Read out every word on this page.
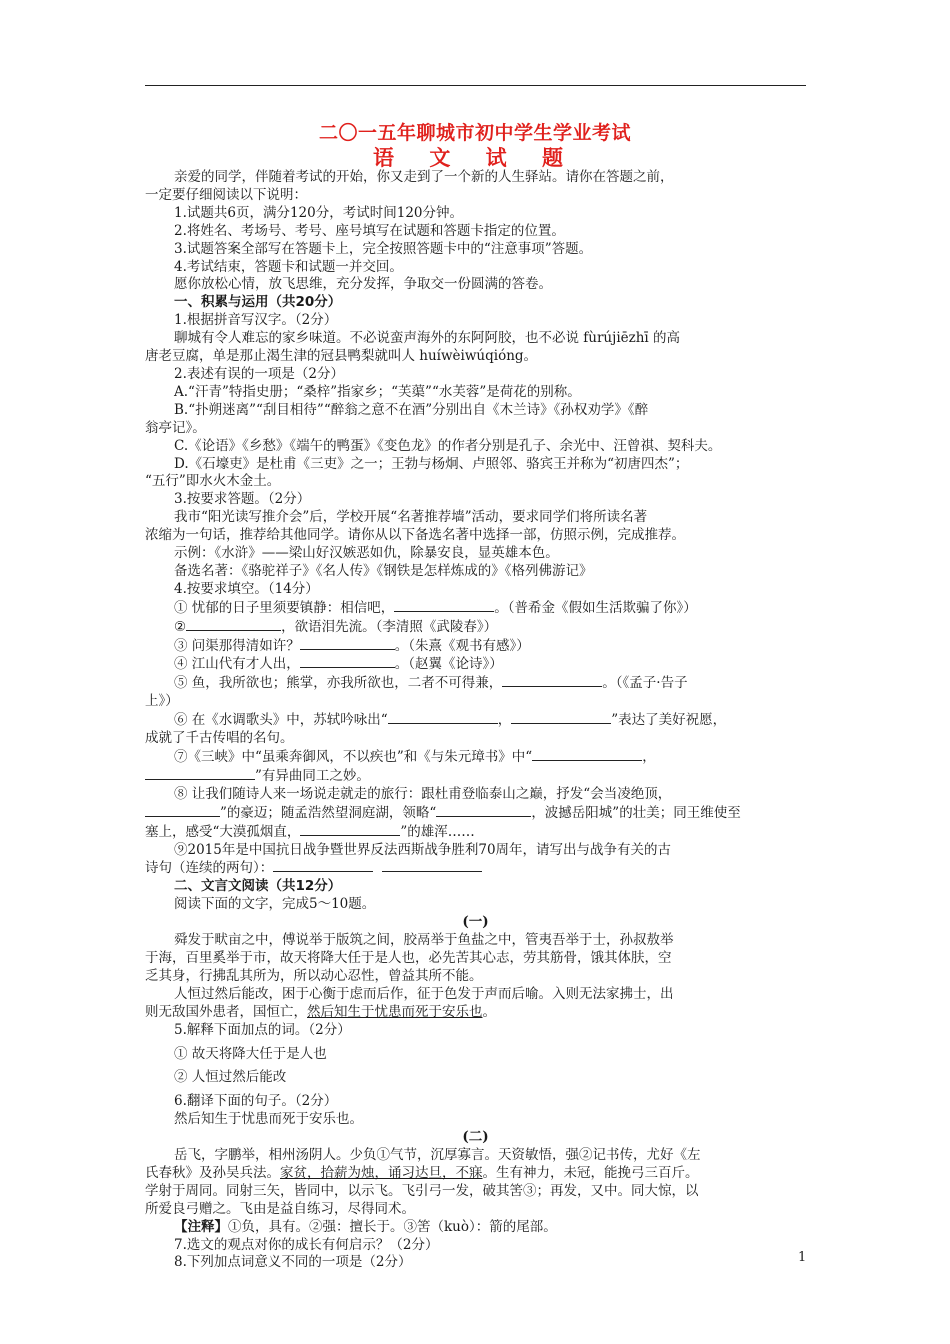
二〇一五年聊城市初中学生学业考试
语 文 试 题

亲爱的同学，伴随着考试的开始，你又走到了一个新的人生驿站。请你在答题之前，

一定要仔细阅读以下说明：

1.试题共6页，满分120分，考试时间120分钟。

2.将姓名、考场号、考号、座号填写在试题和答题卡指定的位置。

3.试题答案全部写在答题卡上，完全按照答题卡中的“注意事项”答题。

4.考试结束，答题卡和试题一并交回。

愿你放松心情，放飞思维，充分发挥，争取交一份圆满的答卷。

一、积累与运用（共20分）

1.根据拼音写汉字。（2分）

聊城有令人难忘的家乡味道。不必说蛮声海外的东阿阿胶，也不必说 fùrújiēzhī 的高

唐老豆腐，单是那止渴生津的冠县鸭梨就叫人 huíwèiwúqióng。

2.表述有误的一项是（2分）

A.“汗青”特指史册；“桑梓”指家乡；“芙蕖”“水芙蓉”是荷花的别称。

B.“扑朔迷离”“刮目相待”“醉翁之意不在酒”分别出自《木兰诗》《孙权劝学》《醉

翁亭记》。

C.《论语》《乡愁》《端午的鸭蛋》《变色龙》的作者分别是孔子、余光中、汪曾祺、契科夫。

D.《石壕吏》是杜甫《三吏》之一；王勃与杨炯、卢照邻、骆宾王并称为“初唐四杰”；

“五行”即水火木金土。

3.按要求答题。（2分）

我市“阳光读写推介会”后，学校开展“名著推荐墙”活动，要求同学们将所读名著

浓缩为一句话，推荐给其他同学。请你从以下备选名著中选择一部，仿照示例，完成推荐。

示例：《水浒》——梁山好汉嫉恶如仇，除暴安良，显英雄本色。

备选名著：《骆驼祥子》《名人传》《钢铁是怎样炼成的》《格列佛游记》

4.按要求填空。（14分）

① 忧郁的日子里须要镇静：相信吧，	。（普希金《假如生活欺骗了你》）

②	，欲语泪先流。（李清照《武陵春》）

③ 问渠那得清如许？	。（朱熹《观书有感》）

④ 江山代有才人出，	。（赵翼《论诗》）

⑤ 鱼，我所欲也；熊掌，亦我所欲也，二者不可得兼，	。（《孟子·告子

上》）

⑥ 在《水调歌头》中，苏轼吟咏出“	，	”表达了美好祝愿，

成就了千古传唱的名句。

⑦《三峡》中“虽乘奔御风，不以疾也”和《与朱元璋书》中“	，

”有异曲同工之妙。

⑧ 让我们随诗人来一场说走就走的旅行：跟杜甫登临泰山之巅，抒发“会当凌绝顶，

”的豪迈；随孟浩然望洞庭湖，领略“	，波撼岳阳城”的壮美；同王维使至

塞上，感受“大漠孤烟直，	”的雄浑……

⑨2015年是中国抗日战争暨世界反法西斯战争胜利70周年，请写出与战争有关的古

诗句（连续的两句）：

二、文言文阅读（共12分）

阅读下面的文字，完成5～10题。

(一)

舜发于畎亩之中，傅说举于版筑之间，胶鬲举于鱼盐之中，管夷吾举于士，孙叔敖举

于海，百里奚举于市，故天将降大任于是人也，必先苦其心志，劳其筋骨，饿其体肤，空

乏其身，行拂乱其所为，所以动心忍性，曾益其所不能。

人恒过然后能改，困于心衡于虑而后作，征于色发于声而后喻。入则无法家拂士，出

则无敌国外患者，国恒亡，然后知生于忧患而死于安乐也。

5.解释下面加点的词。（2分）

① 故天将降大任于是人也

② 人恒过然后能改

6.翻译下面的句子。（2分）

然后知生于忧患而死于安乐也。

(二)

岳飞，字鹏举，相州汤阴人。少负①气节，沉厚寡言。天资敏悟，强②记书传，尤好《左

氏春秋》及孙吴兵法。家贫，拾薪为烛，诵习达旦，不寐。生有神力，未冠，能挽弓三百斤。

学射于周同。同射三矢，皆同中，以示飞。飞引弓一发，破其筈③；再发，又中。同大惊，以

所爱良弓赠之。飞由是益自练习，尽得同术。

【注释】①负，具有。②强：擅长于。③筈（kuò）：箭的尾部。

7.选文的观点对你的成长有何启示？（2分）

8.下列加点词意义不同的一项是（2分）	1
